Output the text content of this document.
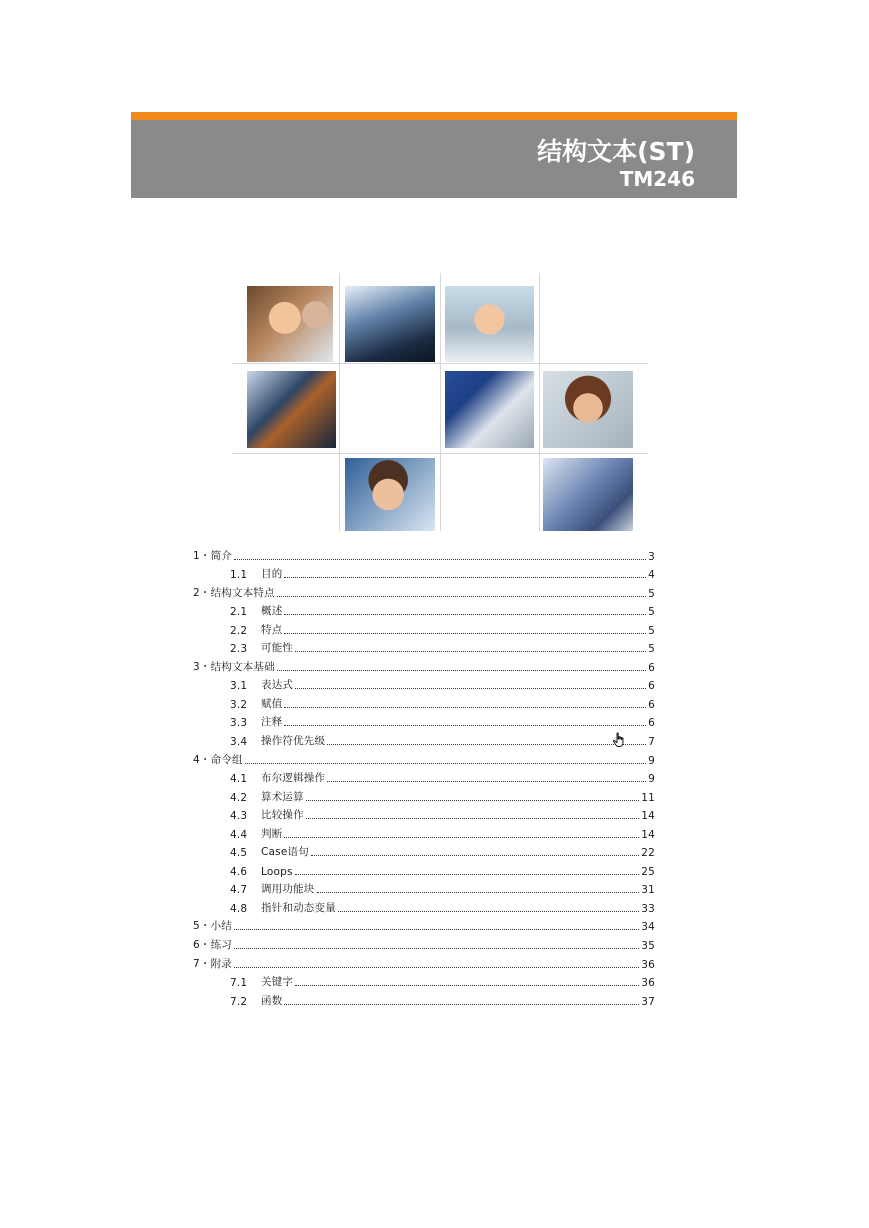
结构文本(ST)
TM246
1・ 简介	3
1.1	目的	4
2・ 结构文本特点	5
2.1	概述	5
2.2	特点	5
2.3	可能性	5
3・ 结构文本基础	6
3.1	表达式	6
3.2	赋值	6
3.3	注释	6
3.4	操作符优先级	7
4・ 命令组	9
4.1	布尔逻辑操作	9
4.2	算术运算	11
4.3	比较操作	14
4.4	判断	14
4.5	Case语句	22
4.6	Loops	25
4.7	调用功能块	31
4.8	指针和动态变量	33
5・ 小结	34
6・ 练习	35
7・ 附录	36
7.1	关键字	36
7.2	函数	37
